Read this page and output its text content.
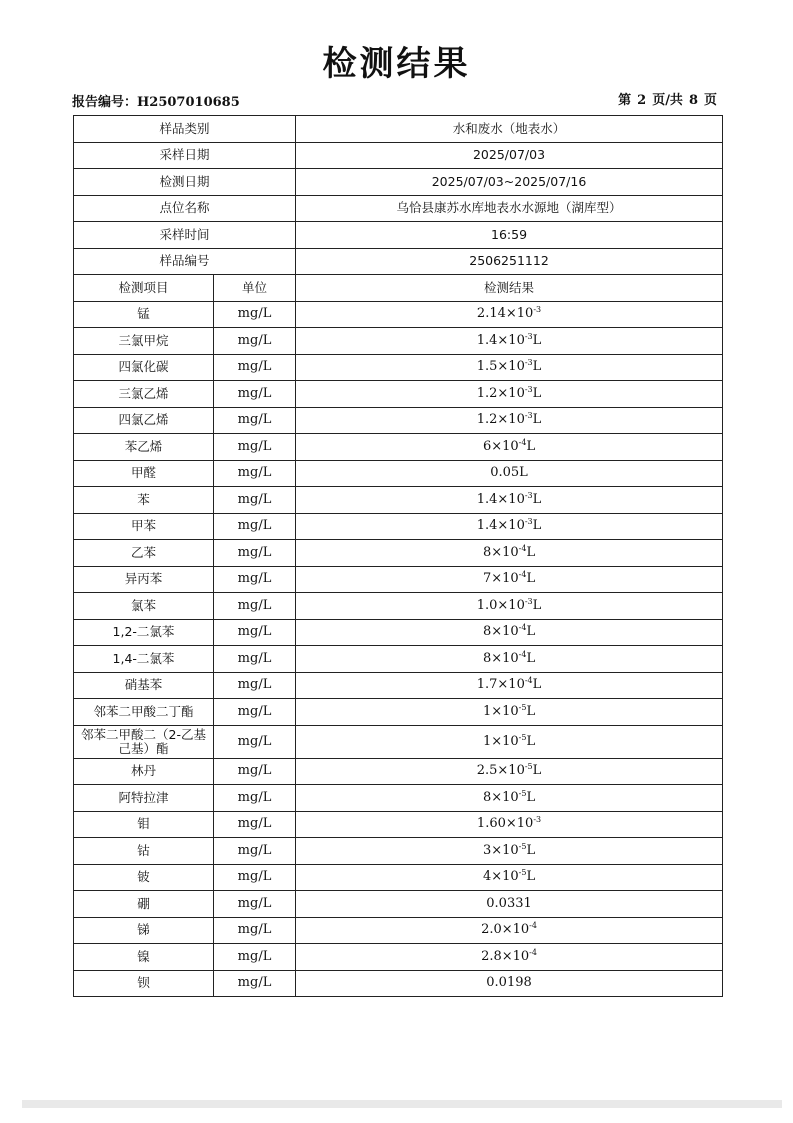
检测结果
报告编号：H2507010685	第 2 页/共 8 页
样品类别		水和废水（地表水）
采样日期		2025/07/03
检测日期		2025/07/03~2025/07/16
点位名称		乌恰县康苏水库地表水水源地（湖库型）
采样时间		16:59
样品编号		2506251112
检测项目	单位	检测结果
锰	mg/L	$2.14\times 10^{-3}$
三氯甲烷	mg/L	$1.4\times 10^{-3}L$
四氯化碳	mg/L	$1.5\times 10^{-3}L$
三氯乙烯	mg/L	$1.2\times 10^{-3}L$
四氯乙烯	mg/L	$1.2\times 10^{-3}L$
苯乙烯	mg/L	$6\times 10^{-4}L$
甲醛	mg/L	0.05L
苯	mg/L	$1.4\times 10^{-3}L$
甲苯	mg/L	$1.4\times 10^{-3}L$
乙苯	mg/L	$8\times 10^{-4}L$
异丙苯	mg/L	$7\times 10^{-4}L$
氯苯	mg/L	$1.0\times 10^{-3}L$
1,2-二氯苯	mg/L	$8\times 10^{-4}L$
1,4-二氯苯	mg/L	$8\times 10^{-4}L$
硝基苯	mg/L	$1.7\times 10^{-4}L$
邻苯二甲酸二丁酯	mg/L	$1\times 10^{-5}L$
邻苯二甲酸二（2-乙基己基）酯	mg/L	$1\times 10^{-5}L$
林丹	mg/L	$2.5\times 10^{-5}L$
阿特拉津	mg/L	$8\times 10^{-5}L$
钼	mg/L	$1.60\times 10^{-3}$
钴	mg/L	$3\times 10^{-5}L$
铍	mg/L	$4\times 10^{-5}L$
硼	mg/L	0.0331
锑	mg/L	$2.0\times 10^{-4}$
镍	mg/L	$2.8\times 10^{-4}$
钡	mg/L	0.0198
